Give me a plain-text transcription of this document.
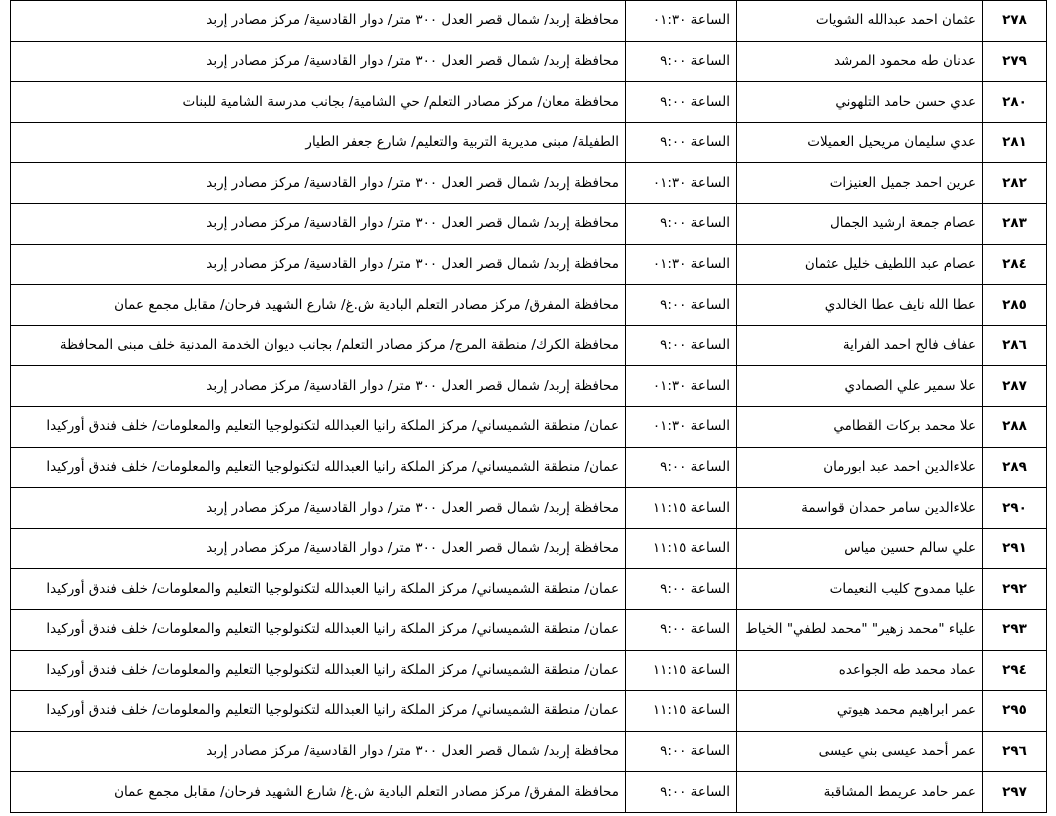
٢٧٨	عثمان احمد عبدالله الشويات	الساعة ٠١:٣٠	محافظة إربد/ شمال قصر العدل ٣٠٠ متر/ دوار القادسية/ مركز مصادر إربد
٢٧٩	عدنان طه محمود المرشد	الساعة ٩:٠٠	محافظة إربد/ شمال قصر العدل ٣٠٠ متر/ دوار القادسية/ مركز مصادر إربد
٢٨٠	عدي حسن حامد التلهوني	الساعة ٩:٠٠	محافظة معان/ مركز مصادر التعلم/ حي الشامية/ بجانب مدرسة الشامية للبنات
٢٨١	عدي سليمان مريحيل العميلات	الساعة ٩:٠٠	الطفيلة/ مبنى مديرية التربية والتعليم/ شارع جعفر الطيار
٢٨٢	عرين احمد جميل العنيزات	الساعة ٠١:٣٠	محافظة إربد/ شمال قصر العدل ٣٠٠ متر/ دوار القادسية/ مركز مصادر إربد
٢٨٣	عصام جمعة ارشيد الجمال	الساعة ٩:٠٠	محافظة إربد/ شمال قصر العدل ٣٠٠ متر/ دوار القادسية/ مركز مصادر إربد
٢٨٤	عصام عبد اللطيف خليل عثمان	الساعة ٠١:٣٠	محافظة إربد/ شمال قصر العدل ٣٠٠ متر/ دوار القادسية/ مركز مصادر إربد
٢٨٥	عطا الله نايف عطا الخالدي	الساعة ٩:٠٠	محافظة المفرق/ مركز مصادر التعلم البادية ش.غ/ شارع الشهيد فرحان/ مقابل مجمع عمان
٢٨٦	عفاف فالح احمد الفراية	الساعة ٩:٠٠	محافظة الكرك/ منطقة المرج/ مركز مصادر التعلم/ بجانب ديوان الخدمة المدنية خلف مبنى المحافظة
٢٨٧	علا سمير علي الصمادي	الساعة ٠١:٣٠	محافظة إربد/ شمال قصر العدل ٣٠٠ متر/ دوار القادسية/ مركز مصادر إربد
٢٨٨	علا محمد بركات القطامي	الساعة ٠١:٣٠	عمان/ منطقة الشميساني/ مركز الملكة رانيا العبدالله لتكنولوجيا التعليم والمعلومات/ خلف فندق أوركيدا
٢٨٩	علاءالدين احمد عبد ابورمان	الساعة ٩:٠٠	عمان/ منطقة الشميساني/ مركز الملكة رانيا العبدالله لتكنولوجيا التعليم والمعلومات/ خلف فندق أوركيدا
٢٩٠	علاءالدين سامر حمدان قواسمة	الساعة ١١:١٥	محافظة إربد/ شمال قصر العدل ٣٠٠ متر/ دوار القادسية/ مركز مصادر إربد
٢٩١	علي سالم حسين مياس	الساعة ١١:١٥	محافظة إربد/ شمال قصر العدل ٣٠٠ متر/ دوار القادسية/ مركز مصادر إربد
٢٩٢	عليا ممدوح كليب النعيمات	الساعة ٩:٠٠	عمان/ منطقة الشميساني/ مركز الملكة رانيا العبدالله لتكنولوجيا التعليم والمعلومات/ خلف فندق أوركيدا
٢٩٣	علياء "محمد زهير" "محمد لطفي" الخياط	الساعة ٩:٠٠	عمان/ منطقة الشميساني/ مركز الملكة رانيا العبدالله لتكنولوجيا التعليم والمعلومات/ خلف فندق أوركيدا
٢٩٤	عماد محمد طه الجواعده	الساعة ١١:١٥	عمان/ منطقة الشميساني/ مركز الملكة رانيا العبدالله لتكنولوجيا التعليم والمعلومات/ خلف فندق أوركيدا
٢٩٥	عمر ابراهيم محمد هيوتي	الساعة ١١:١٥	عمان/ منطقة الشميساني/ مركز الملكة رانيا العبدالله لتكنولوجيا التعليم والمعلومات/ خلف فندق أوركيدا
٢٩٦	عمر أحمد عيسى بني عيسى	الساعة ٩:٠٠	محافظة إربد/ شمال قصر العدل ٣٠٠ متر/ دوار القادسية/ مركز مصادر إربد
٢٩٧	عمر حامد عريمط المشاقبة	الساعة ٩:٠٠	محافظة المفرق/ مركز مصادر التعلم البادية ش.غ/ شارع الشهيد فرحان/ مقابل مجمع عمان
